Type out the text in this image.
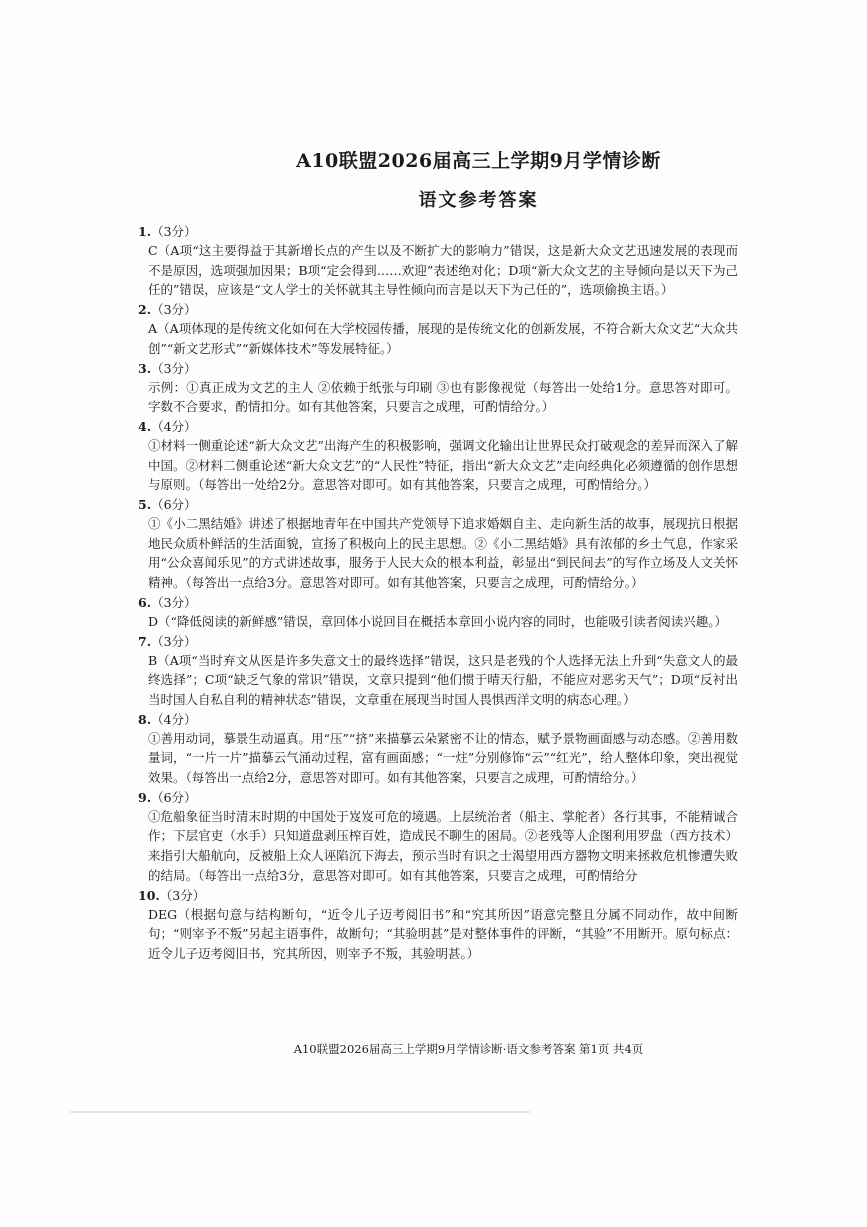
A10联盟2026届高三上学期9月学情诊断
语文参考答案
1.（3分）
C（A项“这主要得益于其新增长点的产生以及不断扩大的影响力”错误，这是新大众文艺迅速发展的表现而不是原因，选项强加因果；B项“定会得到……欢迎”表述绝对化；D项“新大众文艺的主导倾向是以天下为己任的”错误，应该是“文人学士的关怀就其主导性倾向而言是以天下为己任的”，选项偷换主语。）
2.（3分）
A（A项体现的是传统文化如何在大学校园传播，展现的是传统文化的创新发展，不符合新大众文艺“大众共创”“新文艺形式”“新媒体技术”等发展特征。）
3.（3分）
示例：①真正成为文艺的主人 ②依赖于纸张与印刷 ③也有影像视觉（每答出一处给1分。意思答对即可。字数不合要求，酌情扣分。如有其他答案，只要言之成理，可酌情给分。）
4.（4分）
①材料一侧重论述“新大众文艺”出海产生的积极影响，强调文化输出让世界民众打破观念的差异而深入了解中国。②材料二侧重论述“新大众文艺”的“人民性”特征，指出“新大众文艺”走向经典化必须遵循的创作思想与原则。（每答出一处给2分。意思答对即可。如有其他答案，只要言之成理，可酌情给分。）
5.（6分）
①《小二黑结婚》讲述了根据地青年在中国共产党领导下追求婚姻自主、走向新生活的故事，展现抗日根据地民众质朴鲜活的生活面貌，宣扬了积极向上的民主思想。②《小二黑结婚》具有浓郁的乡土气息，作家采用“公众喜闻乐见”的方式讲述故事，服务于人民大众的根本利益，彰显出“到民间去”的写作立场及人文关怀精神。（每答出一点给3分。意思答对即可。如有其他答案，只要言之成理，可酌情给分。）
6.（3分）
D（“降低阅读的新鲜感”错误，章回体小说回目在概括本章回小说内容的同时，也能吸引读者阅读兴趣。）
7.（3分）
B（A项“当时弃文从医是许多失意文士的最终选择”错误，这只是老残的个人选择无法上升到“失意文人的最终选择”；C项“缺乏气象的常识”错误，文章只提到“他们惯于晴天行船，不能应对恶劣天气”；D项“反衬出当时国人自私自利的精神状态”错误，文章重在展现当时国人畏惧西洋文明的病态心理。）
8.（4分）
①善用动词，摹景生动逼真。用“压”“挤”来描摹云朵紧密不让的情态，赋予景物画面感与动态感。②善用数量词，“一片一片”描摹云气涌动过程，富有画面感；“一炷”分别修饰“云”“红光”，给人整体印象，突出视觉效果。（每答出一点给2分，意思答对即可。如有其他答案，只要言之成理，可酌情给分。）
9.（6分）
①危船象征当时清末时期的中国处于岌岌可危的境遇。上层统治者（船主、掌舵者）各行其事，不能精诚合作；下层官吏（水手）只知道盘剥压榨百姓，造成民不聊生的困局。②老残等人企图利用罗盘（西方技术）来指引大船航向，反被船上众人诬陷沉下海去，预示当时有识之士渴望用西方器物文明来拯救危机惨遭失败的结局。（每答出一点给3分，意思答对即可。如有其他答案，只要言之成理，可酌情给分
10.（3分）
DEG（根据句意与结构断句，“近令儿子迈考阅旧书”和“究其所因”语意完整且分属不同动作，故中间断句；“则宰予不叛”另起主语事件，故断句；“其验明甚”是对整体事件的评断，“其验”不用断开。原句标点：近令儿子迈考阅旧书，究其所因，则宰予不叛，其验明甚。）
A10联盟2026届高三上学期9月学情诊断·语文参考答案 第1页 共4页
